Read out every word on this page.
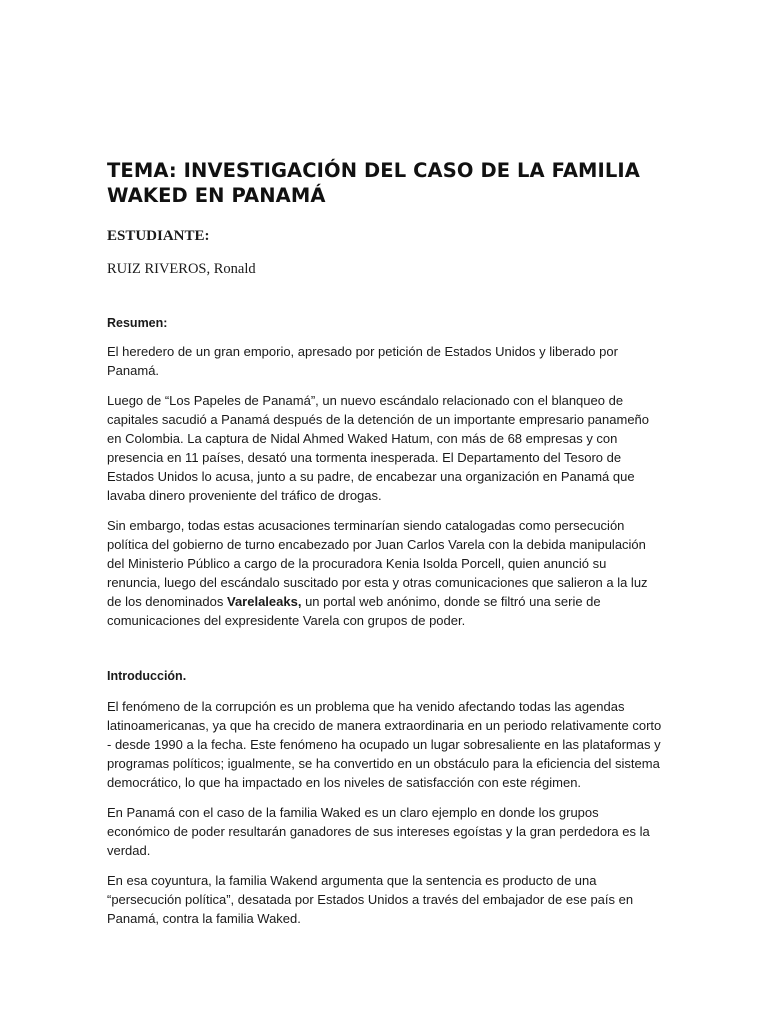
TEMA: INVESTIGACIÓN DEL CASO DE LA FAMILIA WAKED EN PANAMÁ

ESTUDIANTE:

RUIZ RIVEROS, Ronald

Resumen:

El heredero de un gran emporio, apresado por petición de Estados Unidos y liberado por Panamá.

Luego de “Los Papeles de Panamá”, un nuevo escándalo relacionado con el blanqueo de capitales sacudió a Panamá después de la detención de un importante empresario panameño en Colombia. La captura de Nidal Ahmed Waked Hatum, con más de 68 empresas y con presencia en 11 países, desató una tormenta inesperada. El Departamento del Tesoro de Estados Unidos lo acusa, junto a su padre, de encabezar una organización en Panamá que lavaba dinero proveniente del tráfico de drogas.

Sin embargo, todas estas acusaciones terminarían siendo catalogadas como persecución política del gobierno de turno encabezado por Juan Carlos Varela con la debida manipulación del Ministerio Público a cargo de la procuradora Kenia Isolda Porcell, quien anunció su renuncia, luego del escándalo suscitado por esta y otras comunicaciones que salieron a la luz de los denominados Varelaleaks, un portal web anónimo, donde se filtró una serie de comunicaciones del expresidente Varela con grupos de poder.

Introducción.

El fenómeno de la corrupción es un problema que ha venido afectando todas las agendas latinoamericanas, ya que ha crecido de manera extraordinaria en un periodo relativamente corto - desde 1990 a la fecha. Este fenómeno ha ocupado un lugar sobresaliente en las plataformas y programas políticos; igualmente, se ha convertido en un obstáculo para la eficiencia del sistema democrático, lo que ha impactado en los niveles de satisfacción con este régimen.

En Panamá con el caso de la familia Waked es un claro ejemplo en donde los grupos económico de poder resultarán ganadores de sus intereses egoístas y la gran perdedora es la verdad.

En esa coyuntura, la familia Wakend argumenta que la sentencia es producto de una “persecución política”, desatada por Estados Unidos a través del embajador de ese país en Panamá, contra la familia Waked.
